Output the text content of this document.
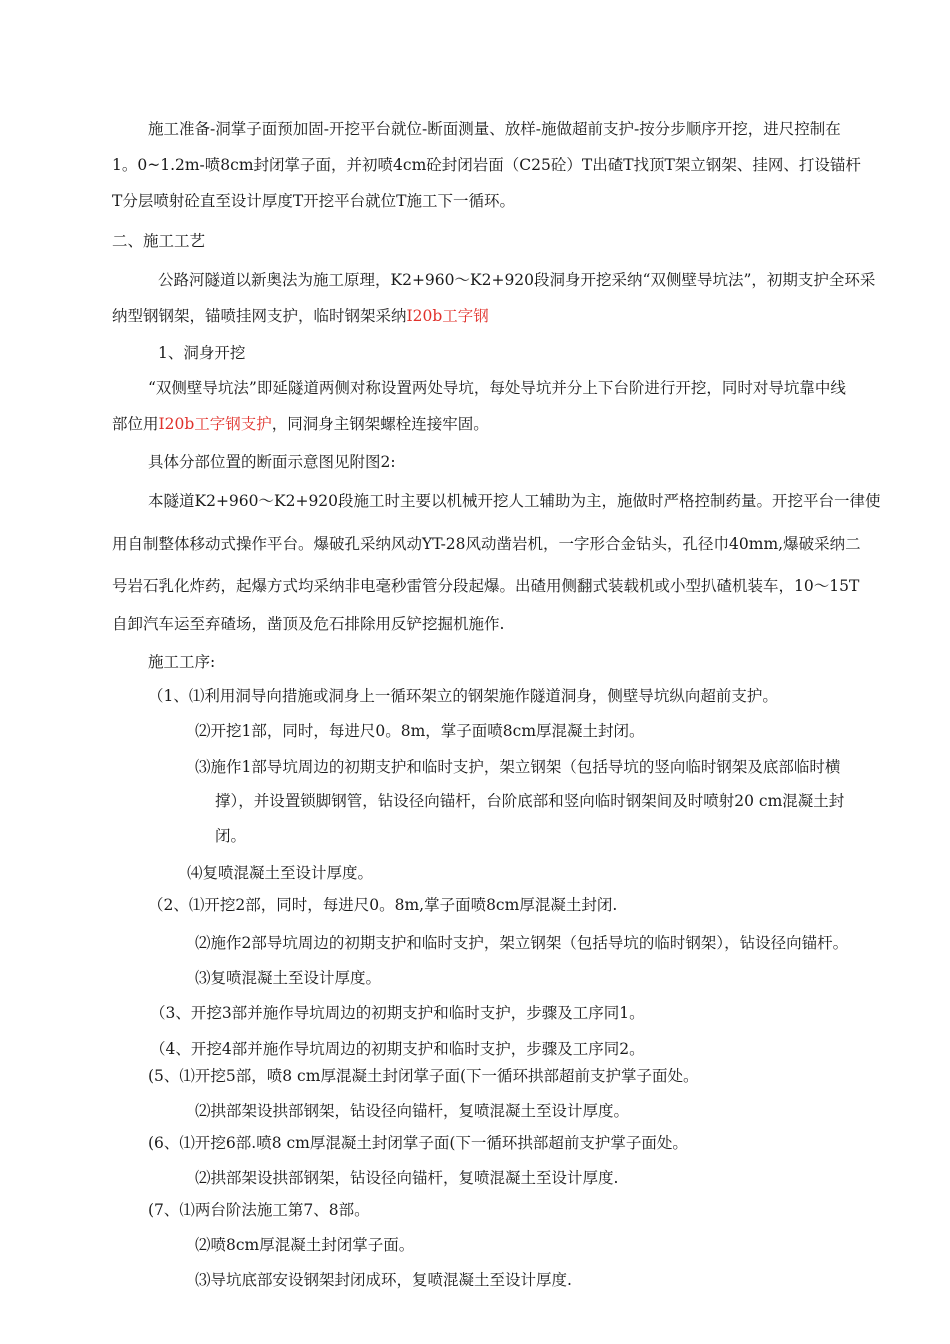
施工准备-洞掌子面预加固-开挖平台就位-断面测量、放样-施做超前支护-按分步顺序开挖，进尺控制在
1。0~1.2m-喷8cm封闭掌子面，并初喷4cm砼封闭岩面（C25砼）T出碴T找顶T架立钢架、挂网、打设锚杆
T分层喷射砼直至设计厚度T开挖平台就位T施工下一循环。
二、施工工艺
公路河隧道以新奥法为施工原理，K2+960〜K2+920段洞身开挖采纳“双侧壁导坑法”，初期支护全环采
纳型钢钢架，锚喷挂网支护，临时钢架采纳I20b工字钢
1、洞身开挖
“双侧壁导坑法”即延隧道两侧对称设置两处导坑，每处导坑并分上下台阶进行开挖，同时对导坑靠中线
部位用I20b工字钢支护，同洞身主钢架螺栓连接牢固。
具体分部位置的断面示意图见附图2:
本隧道K2+960〜K2+920段施工时主要以机械开挖人工辅助为主，施做时严格控制药量。开挖平台一律使
用自制整体移动式操作平台。爆破孔采纳风动YT-28风动凿岩机，一字形合金钻头，孔径巾40mm,爆破采纳二
号岩石乳化炸药，起爆方式均采纳非电毫秒雷管分段起爆。出碴用侧翻式装载机或小型扒碴机装车，10〜15T
自卸汽车运至弃碴场，凿顶及危石排除用反铲挖掘机施作.
施工工序:
（1、⑴利用洞导向措施或洞身上一循环架立的钢架施作隧道洞身，侧壁导坑纵向超前支护。
⑵开挖1部，同时，每进尺0。8m，掌子面喷8cm厚混凝土封闭。
⑶施作1部导坑周边的初期支护和临时支护，架立钢架（包括导坑的竖向临时钢架及底部临时横
撑），并设置锁脚钢管，钻设径向锚杆，台阶底部和竖向临时钢架间及时喷射20 cm混凝土封
闭。
⑷复喷混凝土至设计厚度。
（2、⑴开挖2部，同时，每进尺0。8m,掌子面喷8cm厚混凝土封闭.
⑵施作2部导坑周边的初期支护和临时支护，架立钢架（包括导坑的临时钢架），钻设径向锚杆。
⑶复喷混凝土至设计厚度。
（3、开挖3部并施作导坑周边的初期支护和临时支护，步骤及工序同1。
（4、开挖4部并施作导坑周边的初期支护和临时支护，步骤及工序同2。
(5、⑴开挖5部，喷8 cm厚混凝土封闭掌子面(下一循环拱部超前支护掌子面处。
⑵拱部架设拱部钢架，钻设径向锚杆，复喷混凝土至设计厚度。
(6、⑴开挖6部.喷8 cm厚混凝土封闭掌子面(下一循环拱部超前支护掌子面处。
⑵拱部架设拱部钢架，钻设径向锚杆，复喷混凝土至设计厚度.
(7、⑴两台阶法施工第7、8部。
⑵喷8cm厚混凝土封闭掌子面。
⑶导坑底部安设钢架封闭成环，复喷混凝土至设计厚度.
